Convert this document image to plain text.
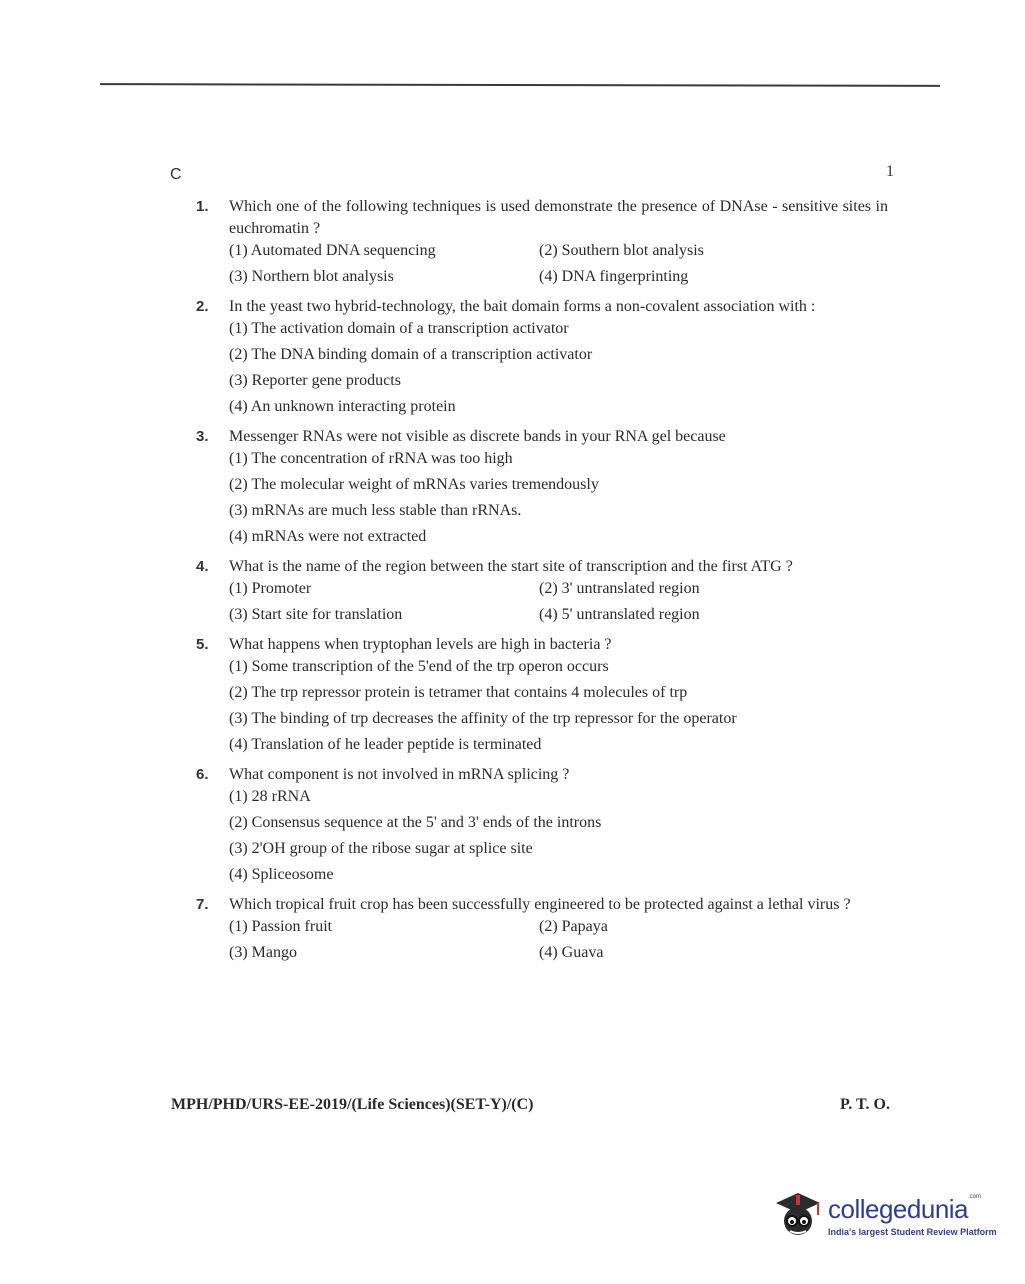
C	1
1.	Which one of the following techniques is used demonstrate the presence of DNAse - sensitive sites in euchromatin ?
(1) Automated DNA sequencing	(2) Southern blot analysis
(3) Northern blot analysis	(4) DNA fingerprinting
2.	In the yeast two hybrid-technology, the bait domain forms a non-covalent association with :
(1) The activation domain of a transcription activator
(2) The DNA binding domain of a transcription activator
(3) Reporter gene products
(4) An unknown interacting protein
3.	Messenger RNAs were not visible as discrete bands in your RNA gel because
(1) The concentration of rRNA was too high
(2) The molecular weight of mRNAs varies tremendously
(3) mRNAs are much less stable than rRNAs.
(4) mRNAs were not extracted
4.	What is the name of the region between the start site of transcription and the first ATG ?
(1) Promoter	(2) 3' untranslated region
(3) Start site for translation	(4) 5' untranslated region
5.	What happens when tryptophan levels are high in bacteria ?
(1) Some transcription of the 5'end of the trp operon occurs
(2) The trp repressor protein is tetramer that contains 4 molecules of trp
(3) The binding of trp decreases the affinity of the trp repressor for the operator
(4) Translation of he leader peptide is terminated
6.	What component is not involved in mRNA splicing ?
(1) 28 rRNA
(2) Consensus sequence at the 5' and 3' ends of the introns
(3) 2'OH group of the ribose sugar at splice site
(4) Spliceosome
7.	Which tropical fruit crop has been successfully engineered to be protected against a lethal virus ?
(1) Passion fruit	(2) Papaya
(3) Mango	(4) Guava
MPH/PHD/URS-EE-2019/(Life Sciences)(SET-Y)/(C)	P. T. O.
collegedunia$^{.com}$
India's largest Student Review Platform
